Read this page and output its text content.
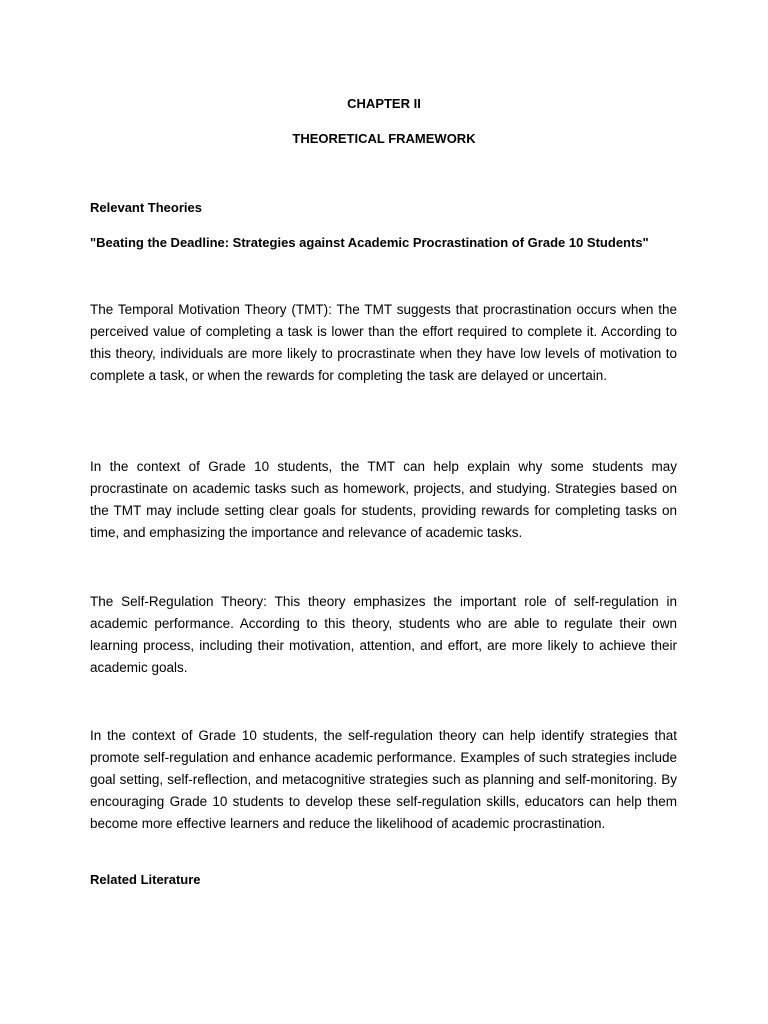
CHAPTER II
THEORETICAL FRAMEWORK
Relevant Theories
"Beating the Deadline: Strategies against Academic Procrastination of Grade 10 Students"

The Temporal Motivation Theory (TMT): The TMT suggests that procrastination occurs when the perceived value of completing a task is lower than the effort required to complete it. According to this theory, individuals are more likely to procrastinate when they have low levels of motivation to complete a task, or when the rewards for completing the task are delayed or uncertain.

In the context of Grade 10 students, the TMT can help explain why some students may procrastinate on academic tasks such as homework, projects, and studying. Strategies based on the TMT may include setting clear goals for students, providing rewards for completing tasks on time, and emphasizing the importance and relevance of academic tasks.

The Self-Regulation Theory: This theory emphasizes the important role of self-regulation in academic performance. According to this theory, students who are able to regulate their own learning process, including their motivation, attention, and effort, are more likely to achieve their academic goals.

In the context of Grade 10 students, the self-regulation theory can help identify strategies that promote self-regulation and enhance academic performance. Examples of such strategies include goal setting, self-reflection, and metacognitive strategies such as planning and self-monitoring. By encouraging Grade 10 students to develop these self-regulation skills, educators can help them become more effective learners and reduce the likelihood of academic procrastination.

Related Literature
